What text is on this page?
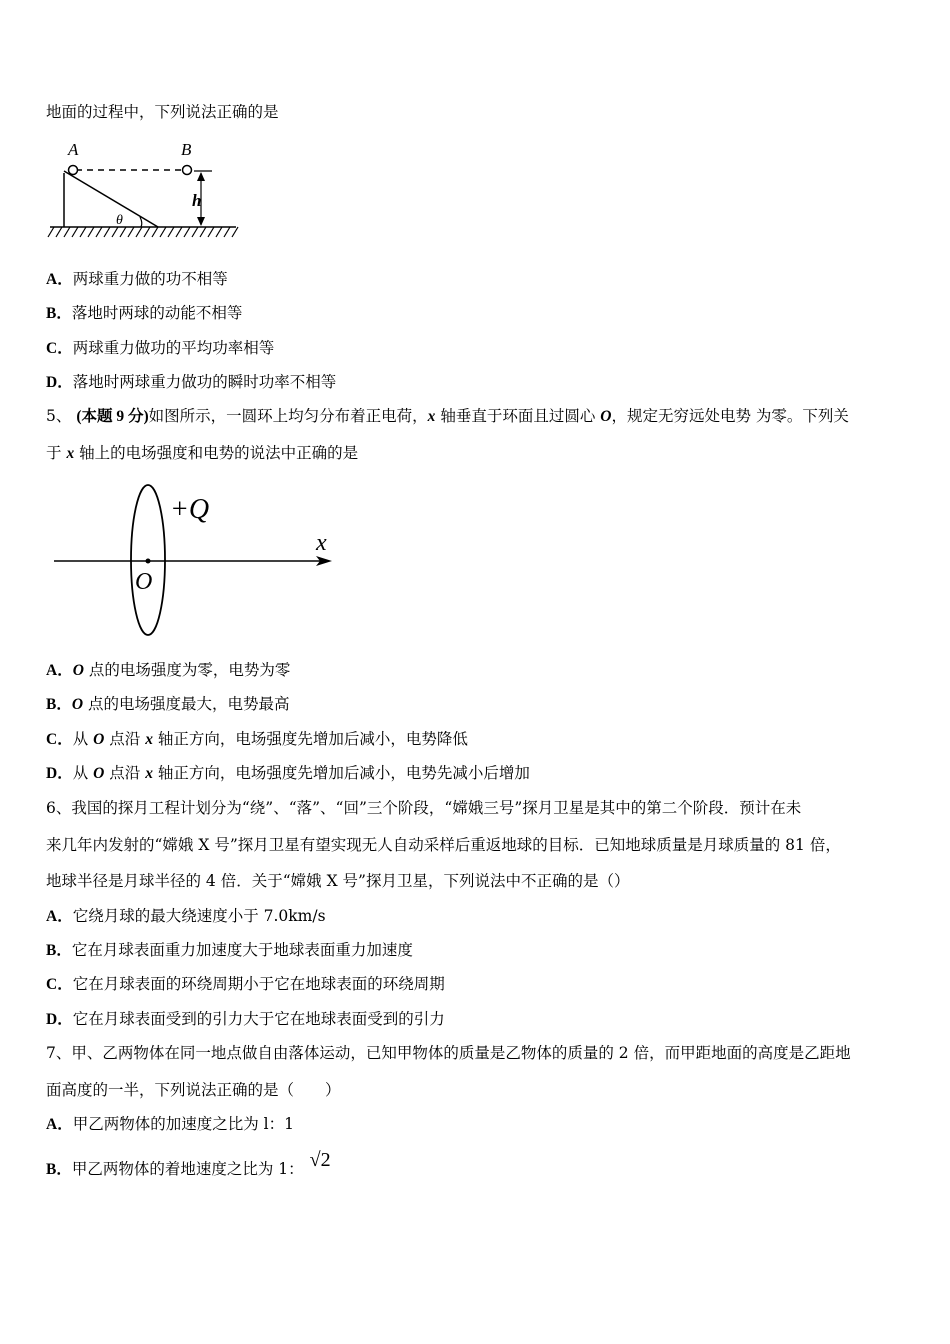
地面的过程中，下列说法正确的是
A	B
h
θ
A．两球重力做的功不相等
B．落地时两球的动能不相等
C．两球重力做功的平均功率相等
D．落地时两球重力做功的瞬时功率不相等
5、 (本题 9 分)如图所示，一圆环上均匀分布着正电荷，x 轴垂直于环面且过圆心 O，规定无穷远处电势 为零。下列关
于 x 轴上的电场强度和电势的说法中正确的是
+Q
x
O
A．O 点的电场强度为零，电势为零
B．O 点的电场强度最大，电势最高
C．从 O 点沿 x 轴正方向，电场强度先增加后减小，电势降低
D．从 O 点沿 x 轴正方向，电场强度先增加后减小，电势先减小后增加
6、我国的探月工程计划分为“绕”、“落”、“回”三个阶段，“嫦娥三号”探月卫星是其中的第二个阶段．预计在未
来几年内发射的“嫦娥 X 号”探月卫星有望实现无人自动采样后重返地球的目标．已知地球质量是月球质量的 81 倍，
地球半径是月球半径的 4 倍．关于“嫦娥 X 号”探月卫星，下列说法中不正确的是（）
A．它绕月球的最大绕速度小于 7.0km/s
B．它在月球表面重力加速度大于地球表面重力加速度
C．它在月球表面的环绕周期小于它在地球表面的环绕周期
D．它在月球表面受到的引力大于它在地球表面受到的引力
7、甲、乙两物体在同一地点做自由落体运动，已知甲物体的质量是乙物体的质量的 2 倍，而甲距地面的高度是乙距地
面高度的一半，下列说法正确的是（　　）
A．甲乙两物体的加速度之比为 l：1
B．甲乙两物体的着地速度之比为 1： √2
